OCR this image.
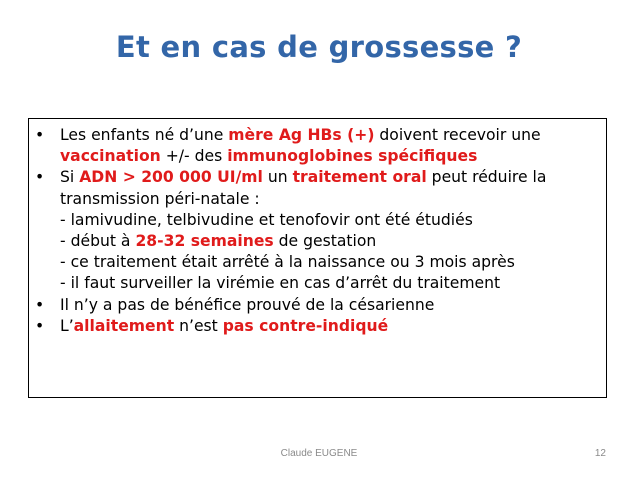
Et en cas de grossesse ?
• Les enfants né d’une mère Ag HBs (+) doivent recevoir une vaccination +/- des immunoglobines spécifiques
• Si ADN > 200 000 UI/ml un traitement oral peut réduire la transmission péri-natale :
- lamivudine, telbivudine et tenofovir ont été étudiés
- début à 28-32 semaines de gestation
- ce traitement était arrêté à la naissance ou 3 mois après
- il faut surveiller la virémie en cas d’arrêt du traitement
• Il n’y a pas de bénéfice prouvé de la césarienne
• L’allaitement n’est pas contre-indiqué
Claude EUGENE	12
